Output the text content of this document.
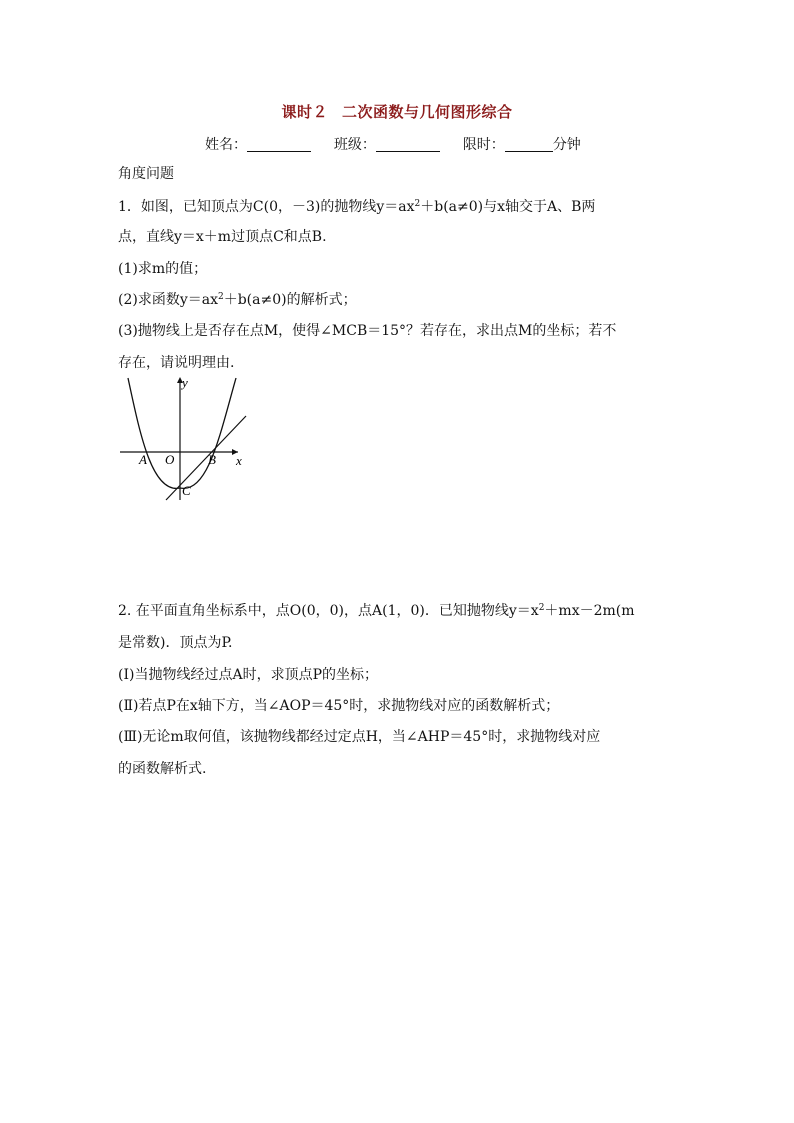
课时２ 二次函数与几何图形综合
姓名：	班级：	限时：	分钟
角度问题
1．如图，已知顶点为C(0，－3)的抛物线$y=ax^2+b(a\ne 0)$与x轴交于A、B两
点，直线y＝x＋m过顶点C和点B.
(1)求m的值；
(2)求函数$y=ax^2+b(a\ne 0)$的解析式；
(3)抛物线上是否存在点M，使得∠MCB＝15°？若存在，求出点M的坐标；若不
存在，请说明理由.
y
x
A O	B
C
2. 在平面直角坐标系中，点O(0，0)，点A(1，0)．已知抛物线$y=x^2+mx-2m(m$
是常数)．顶点为P.
(Ⅰ)当抛物线经过点A时，求顶点P的坐标；
(Ⅱ)若点P在x轴下方，当∠AOP＝45°时，求抛物线对应的函数解析式；
(Ⅲ)无论m取何值，该抛物线都经过定点H，当∠AHP＝45°时，求抛物线对应
的函数解析式.
